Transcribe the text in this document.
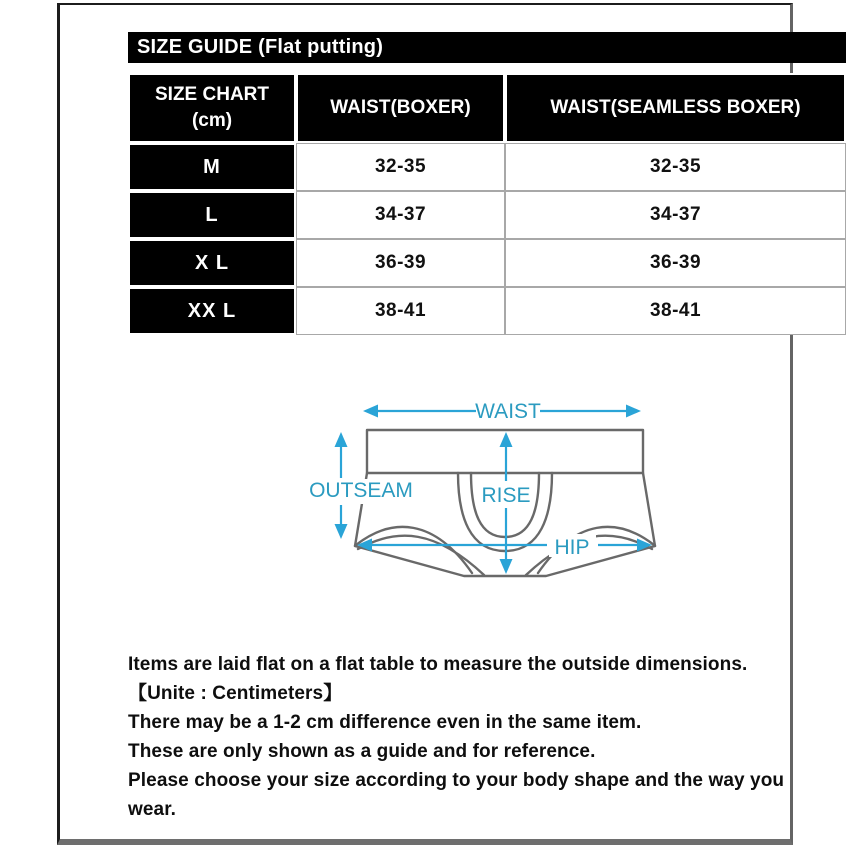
SIZE GUIDE (Flat putting)
SIZE CHART
(cm)	WAIST(BOXER)	WAIST(SEAMLESS BOXER)
M	32-35	32-35
L	34-37	34-37
X L	36-39	36-39
XX L	38-41	38-41
WAIST
OUTSEAM	RISE
HIP
Items are laid flat on a flat table to measure the outside dimensions.
【Unite : Centimeters】
There may be a 1-2 cm difference even in the same item.
These are only shown as a guide and for reference.
Please choose your size according to your body shape and the way you
wear.
